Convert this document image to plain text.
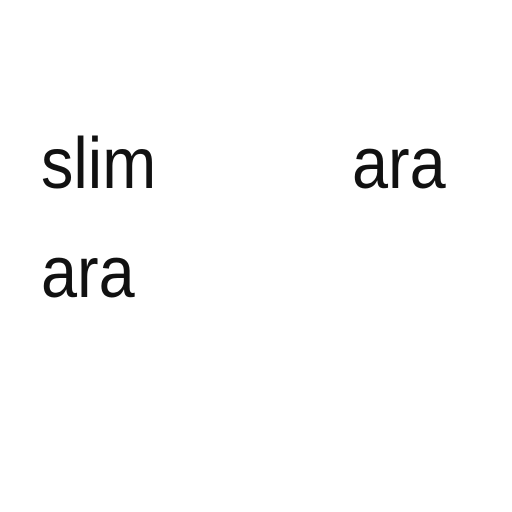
slim	ara
ara
